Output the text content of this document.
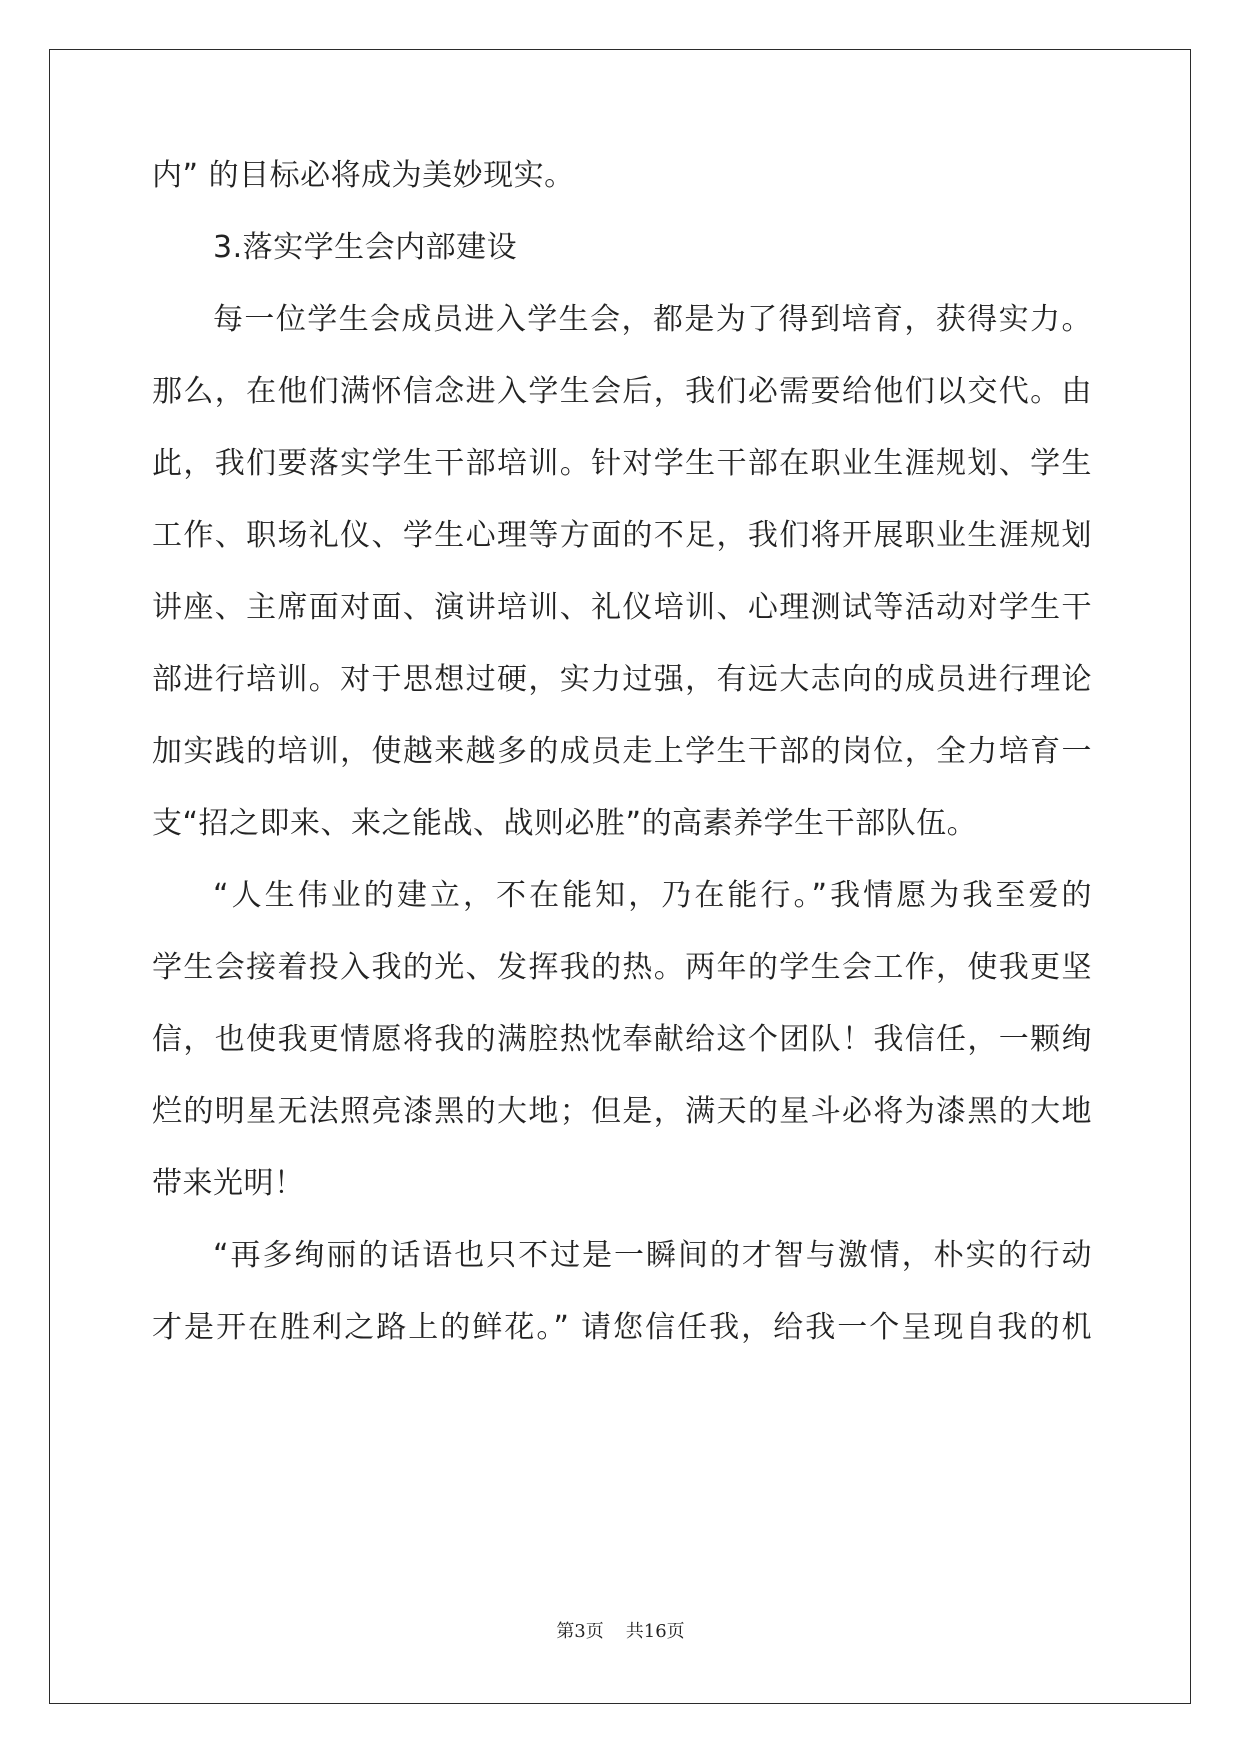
内” 的目标必将成为美妙现实。
3.落实学生会内部建设
每一位学生会成员进入学生会，都是为了得到培育，获得实力。
那么，在他们满怀信念进入学生会后，我们必需要给他们以交代。由
此，我们要落实学生干部培训。针对学生干部在职业生涯规划、学生
工作、职场礼仪、学生心理等方面的不足，我们将开展职业生涯规划
讲座、主席面对面、演讲培训、礼仪培训、心理测试等活动对学生干
部进行培训。对于思想过硬，实力过强，有远大志向的成员进行理论
加实践的培训，使越来越多的成员走上学生干部的岗位，全力培育一
支“招之即来、来之能战、战则必胜”的高素养学生干部队伍。
“人生伟业的建立，不在能知，乃在能行。”我情愿为我至爱的
学生会接着投入我的光、发挥我的热。两年的学生会工作，使我更坚
信，也使我更情愿将我的满腔热忱奉献给这个团队！我信任，一颗绚
烂的明星无法照亮漆黑的大地；但是，满天的星斗必将为漆黑的大地
带来光明！
“再多绚丽的话语也只不过是一瞬间的才智与激情，朴实的行动
才是开在胜利之路上的鲜花。” 请您信任我，给我一个呈现自我的机
第3页 共16页
